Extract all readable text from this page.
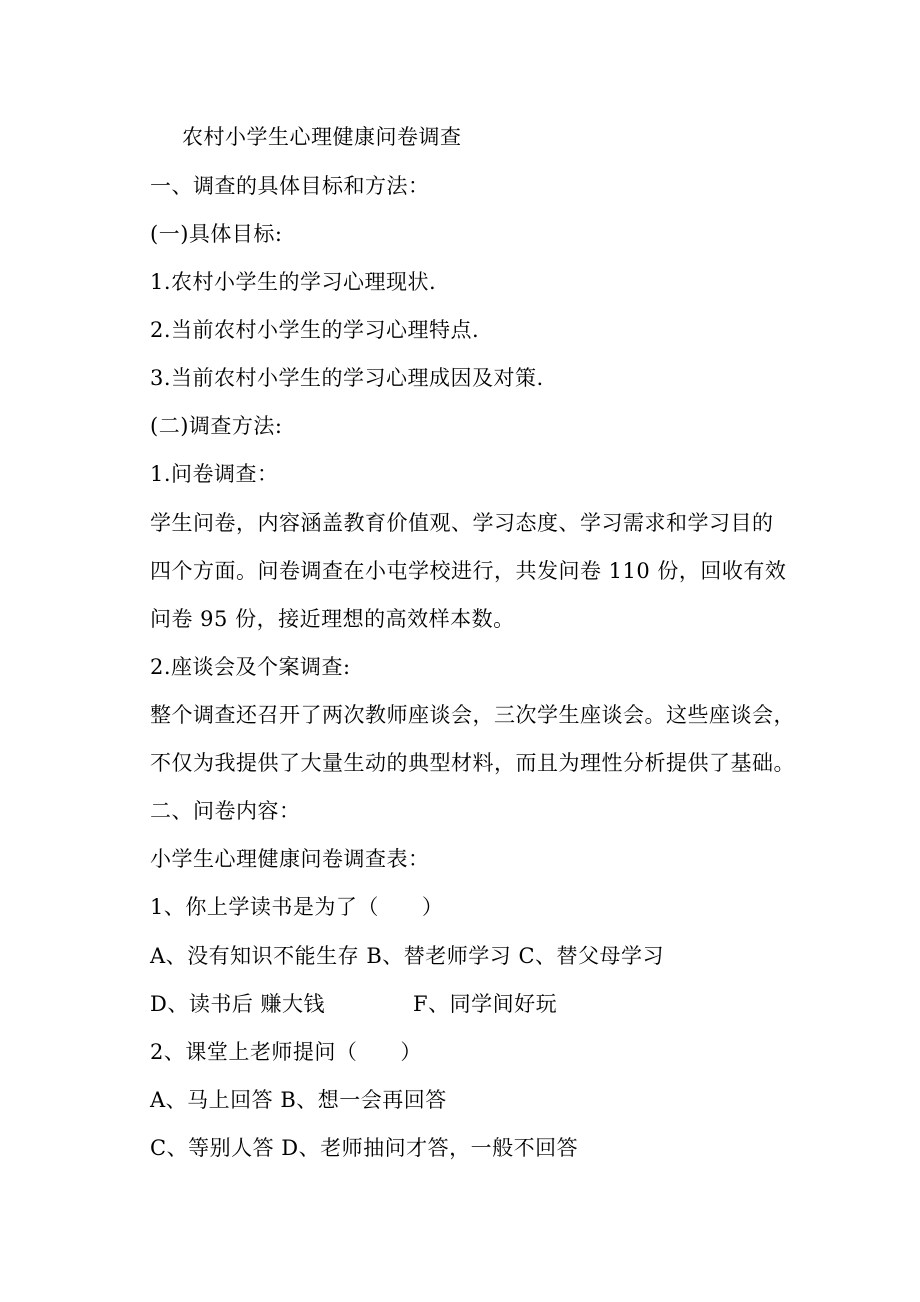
农村小学生心理健康问卷调查
一、调查的具体目标和方法：
(一)具体目标:
1.农村小学生的学习心理现状.
2.当前农村小学生的学习心理特点.
3.当前农村小学生的学习心理成因及对策.
(二)调查方法:
1.问卷调查：
学生问卷，内容涵盖教育价值观、学习态度、学习需求和学习目的
四个方面。问卷调查在小屯学校进行，共发问卷 110 份，回收有效
问卷 95 份，接近理想的高效样本数。
2.座谈会及个案调查:
整个调查还召开了两次教师座谈会，三次学生座谈会。这些座谈会，
不仅为我提供了大量生动的典型材料，而且为理性分析提供了基础。
二、问卷内容：
小学生心理健康问卷调查表：
1、你上学读书是为了（　　）
A、没有知识不能生存 B、替老师学习 C、替父母学习
D、读书后 赚大钱	F、同学间好玩
2、课堂上老师提问（　　）
A、马上回答 B、想一会再回答
C、等别人答 D、老师抽问才答，一般不回答
